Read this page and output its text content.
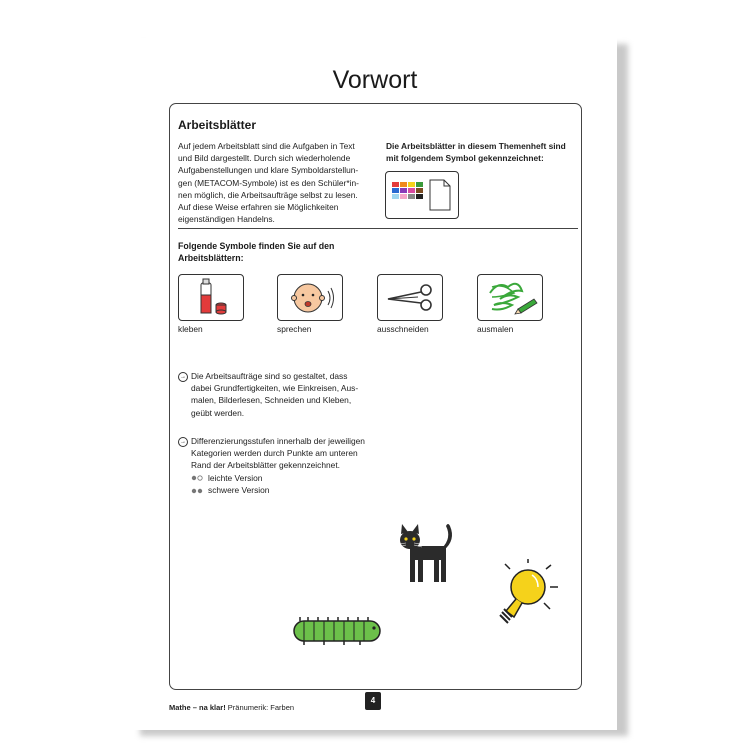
Vorwort
Arbeitsblätter
Auf jedem Arbeitsblatt sind die Aufgaben in Text
und Bild dargestellt. Durch sich wiederholende
Aufgabenstellungen und klare Symboldarstellun-
gen (METACOM-Symbole) ist es den Schüler*in-
nen möglich, die Arbeitsaufträge selbst zu lesen.
Auf diese Weise erfahren sie Möglichkeiten
eigenständigen Handelns.
Die Arbeitsblätter in diesem Themenheft sind
mit folgendem Symbol gekennzeichnet:
Folgende Symbole finden Sie auf den
Arbeitsblättern:
kleben	sprechen	ausschneiden	ausmalen
→ Die Arbeitsaufträge sind so gestaltet, dass
dabei Grundfertigkeiten, wie Einkreisen, Aus-
malen, Bilderlesen, Schneiden und Kleben,
geübt werden.
→ Differenzierungsstufen innerhalb der jeweiligen
Kategorien werden durch Punkte am unteren
Rand der Arbeitsblätter gekennzeichnet.
leichte Version
schwere Version
Mathe – na klar! Pränumerik: Farben
4
